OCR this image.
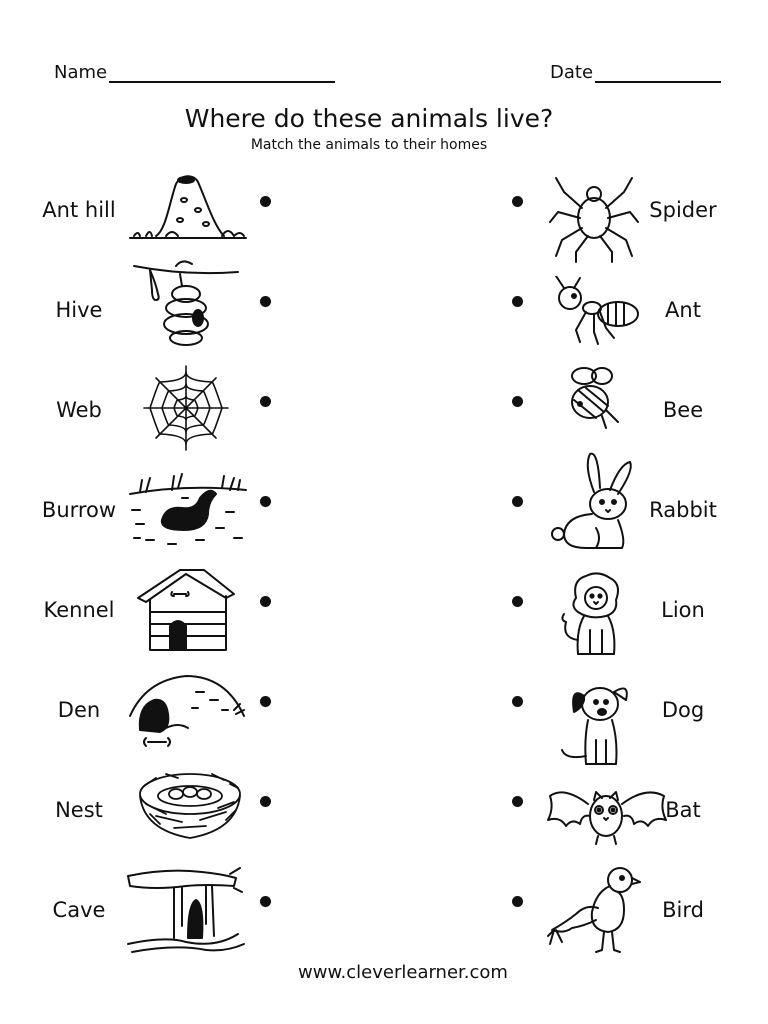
Name	Date
Where do these animals live?
Match the animals to their homes
Ant hill	Spider
Hive	Ant
Web	Bee
Burrow	Rabbit
Kennel	Lion
Den	Dog
Nest	Bat
Cave	Bird
www.cleverlearner.com
